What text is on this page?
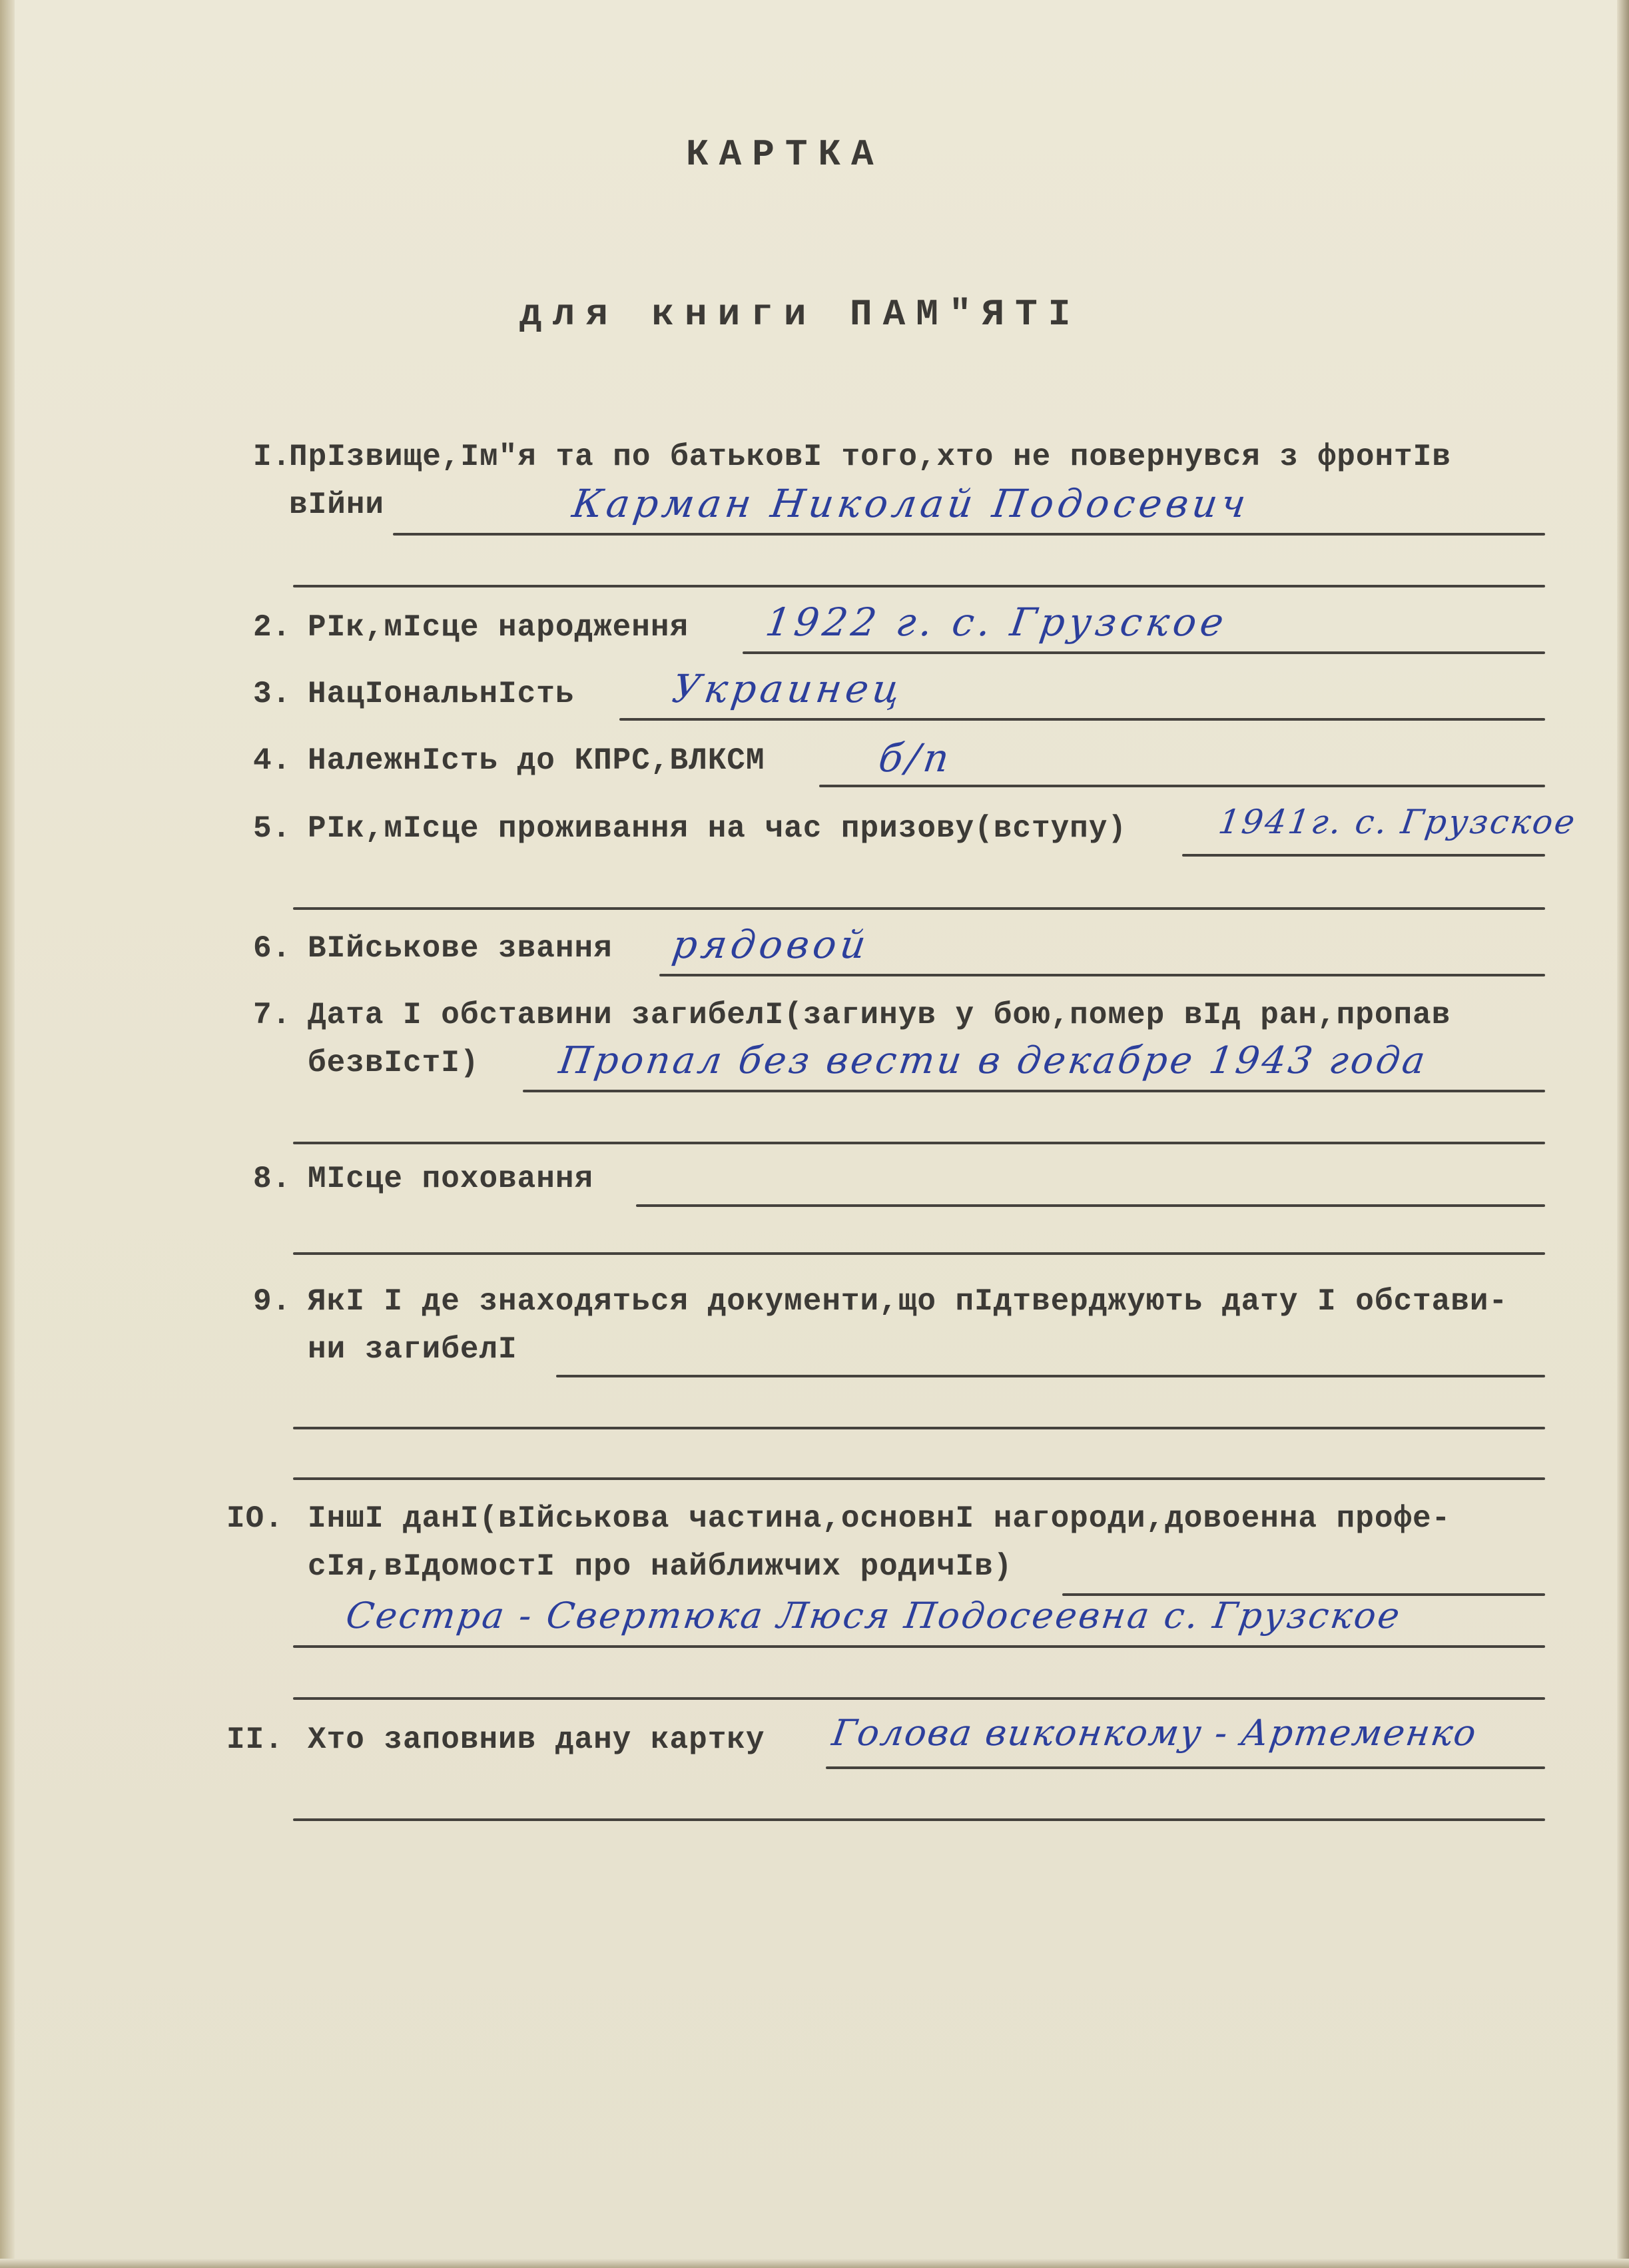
КАРТКА
для книги ПАМ"ЯТІ
I.
ПрІзвище,Ім"я та по батьковІ того,хто не повернувся з фронтІв
вІйни	Карман Николай Подосевич
2. РІк,мІсце народження 1922 г. с. Грузское
3. НацІональнІсть Украинец
4. НалежнІсть до КПРС,ВЛКСМ	б/п
5. РІк,мІсце проживання на час призову(вступу)	1941г. с. Грузское
6. ВІйськове звання рядовой
7. Дата І обставини загибелІ(загинув у бою,помер вІд ран,пропав
безвІстІ) Пропал без вести в декабре 1943 года
8. МІсце поховання
9. ЯкІ І де знаходяться документи,що пІдтверджують дату І обстави-
ни загибелІ
IO. ІншІ данІ(вІйськова частина,основнІ нагороди,довоенна профе-
сІя,вІдомостІ про найближчих родичІв)
Сестра - Свертюка Люся Подосеевна с. Грузское
II. Хто заповнив дану картку Голова виконкому - Артеменко
